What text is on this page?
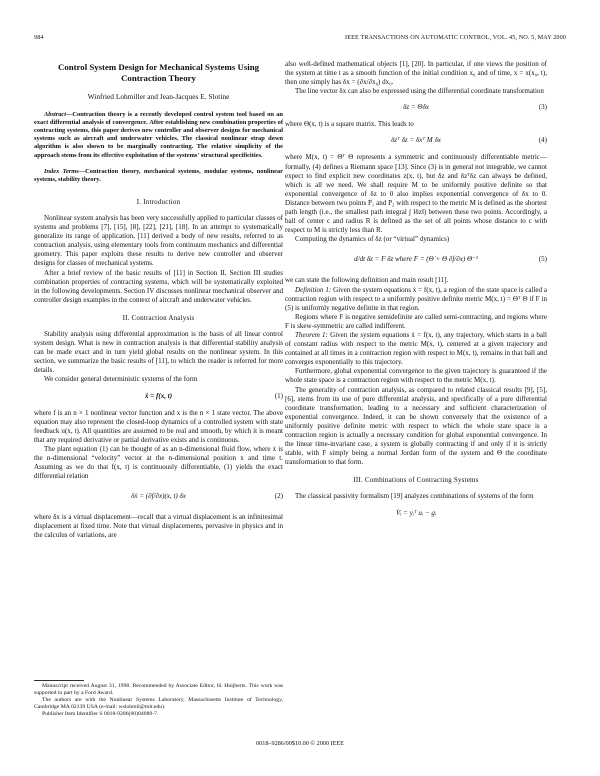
984	IEEE TRANSACTIONS ON AUTOMATIC CONTROL, VOL. 45, NO. 5, MAY 2000
Control System Design for Mechanical Systems Using
Contraction Theory
Winfried Lohmiller and Jean-Jacques E. Slotine
Abstract—Contraction theory is a recently developed control system tool based on an exact differential analysis of convergence. After establishing new combination properties of contracting systems, this paper derives new controller and observer designs for mechanical systems such as aircraft and underwater vehicles. The classical nonlinear strap down algorithm is also shown to be marginally contracting. The relative simplicity of the approach stems from its effective exploitation of the systems' structural specificities.
Index Terms—Contraction theory, mechanical systems, modular systems, nonlinear systems, stability theory.
I. Introduction

Nonlinear system analysis has been very successfully applied to particular classes of systems and problems [7], [15], [8], [22], [21], [18]. In an attempt to systematically generalize its range of application, [11] derived a body of new results, referred to as contraction analysis, using elementary tools from continuum mechanics and differential geometry. This paper exploits these results to derive new controller and observer designs for classes of mechanical systems.

After a brief review of the basic results of [11] in Section II, Section III studies combination properties of contracting systems, which will be systematically exploited in the following developments. Section IV discusses nonlinear mechanical observer and controller design examples in the context of aircraft and underwater vehicles.

II. Contraction Analysis

Stability analysis using differential approximation is the basis of all linear control system design. What is new in contraction analysis is that differential stability analysis can be made exact and in turn yield global results on the nonlinear system. In this section, we summarize the basic results of [11], to which the reader is referred for more details.

We consider general deterministic systems of the form

ẋ = f(x, t)	(1)

where f is an n × 1 nonlinear vector function and x is the n × 1 state vector. The above equation may also represent the closed-loop dynamics of a controlled system with state feedback u(x, t). All quantities are assumed to be real and smooth, by which it is meant that any required derivative or partial derivative exists and is continuous.

The plant equation (1) can be thought of as an n-dimensional fluid flow, where ẋ is the n-dimensional “velocity” vector at the n-dimensional position x and time t. Assuming as we do that f(x, t) is continuously differentiable, (1) yields the exact differential relation

δẋ = (∂f/∂x)(x, t) δx	(2)

where δx is a virtual displacement—recall that a virtual displacement is an infinitesimal displacement at fixed time. Note that virtual displacements, pervasive in physics and in the calculus of variations, are

Manuscript received August 31, 1998. Recommended by Associate Editor, H. Huijberts. This work was supported in part by a Ford Award.

The authors are with the Nonlinear Systems Laboratory, Massachusetts Institute of Technology, Cambridge MA 02139 USA (e-mail: wslohmil@mit.edu).

Publisher Item Identifier S 0018-9286(00)04089-7.

also well-defined mathematical objects [1], [20]. In particular, if one views the position of the system at time t as a smooth function of the initial condition x₀ and of time, x = x(x₀, t), then one simply has δx = (∂x/∂x₀) dx₀.

The line vector δx can also be expressed using the differential coordinate transformation

δz = Θδx	(3)

where Θ(x, t) is a square matrix. This leads to

δzᵀ δz = δxᵀ M δx	(4)

where M(x, t) = Θᵀ Θ represents a symmetric and continuously differentiable metric—formally, (4) defines a Riemann space [13]. Since (3) is in general not integrable, we cannot expect to find explicit new coordinates z(x, t), but δz and δzᵀδz can always be defined, which is all we need. We shall require M to be uniformly positive definite so that exponential convergence of δz to 0 also implies exponential convergence of δx to 0. Distance between two points P₁ and P₂ with respect to the metric M is defined as the shortest path length (i.e., the smallest path integral ∫ ‖δz‖) between these two points. Accordingly, a ball of center c and radius R is defined as the set of all points whose distance to c with respect to M is strictly less than R.

Computing the dynamics of δz (or “virtual” dynamics)

d/dt δz = F δz where F = (Θ̇ + Θ ∂f/∂x) Θ⁻¹	(5)

we can state the following definition and main result [11].

Definition 1: Given the system equations ẋ = f(x, t), a region of the state space is called a contraction region with respect to a uniformly positive definite metric M(x, t) = Θᵀ Θ if F in (5) is uniformly negative definite in that region.

Regions where F is negative semidefinite are called semi-contracting, and regions where F is skew-symmetric are called indifferent.

Theorem 1: Given the system equations ẋ = f(x, t), any trajectory, which starts in a ball of constant radius with respect to the metric M(x, t), centered at a given trajectory and contained at all times in a contraction region with respect to M(x, t), remains in that ball and converges exponentially to this trajectory.

Furthermore, global exponential convergence to the given trajectory is guaranteed if the whole state space is a contraction region with respect to the metric M(x, t).

The generality of contraction analysis, as compared to related classical results [9], [5], [6], stems from its use of pure differential analysis, and specifically of a pure differential coordinate transformation, leading to a necessary and sufficient characterization of exponential convergence. Indeed, it can be shown conversely that the existence of a uniformly positive definite metric with respect to which the whole state space is a contraction region is actually a necessary condition for global exponential convergence. In the linear time-invariant case, a system is globally contracting if and only if it is strictly stable, with F simply being a normal Jordan form of the system and Θ the coordinate transformation to that form.

III. Combinations of Contracting Systems

The classical passivity formalism [19] analyzes combinations of systems of the form

V̇ᵢ = yᵢᵀ uᵢ − gᵢ
0018–9286/00$10.00 © 2000 IEEE
